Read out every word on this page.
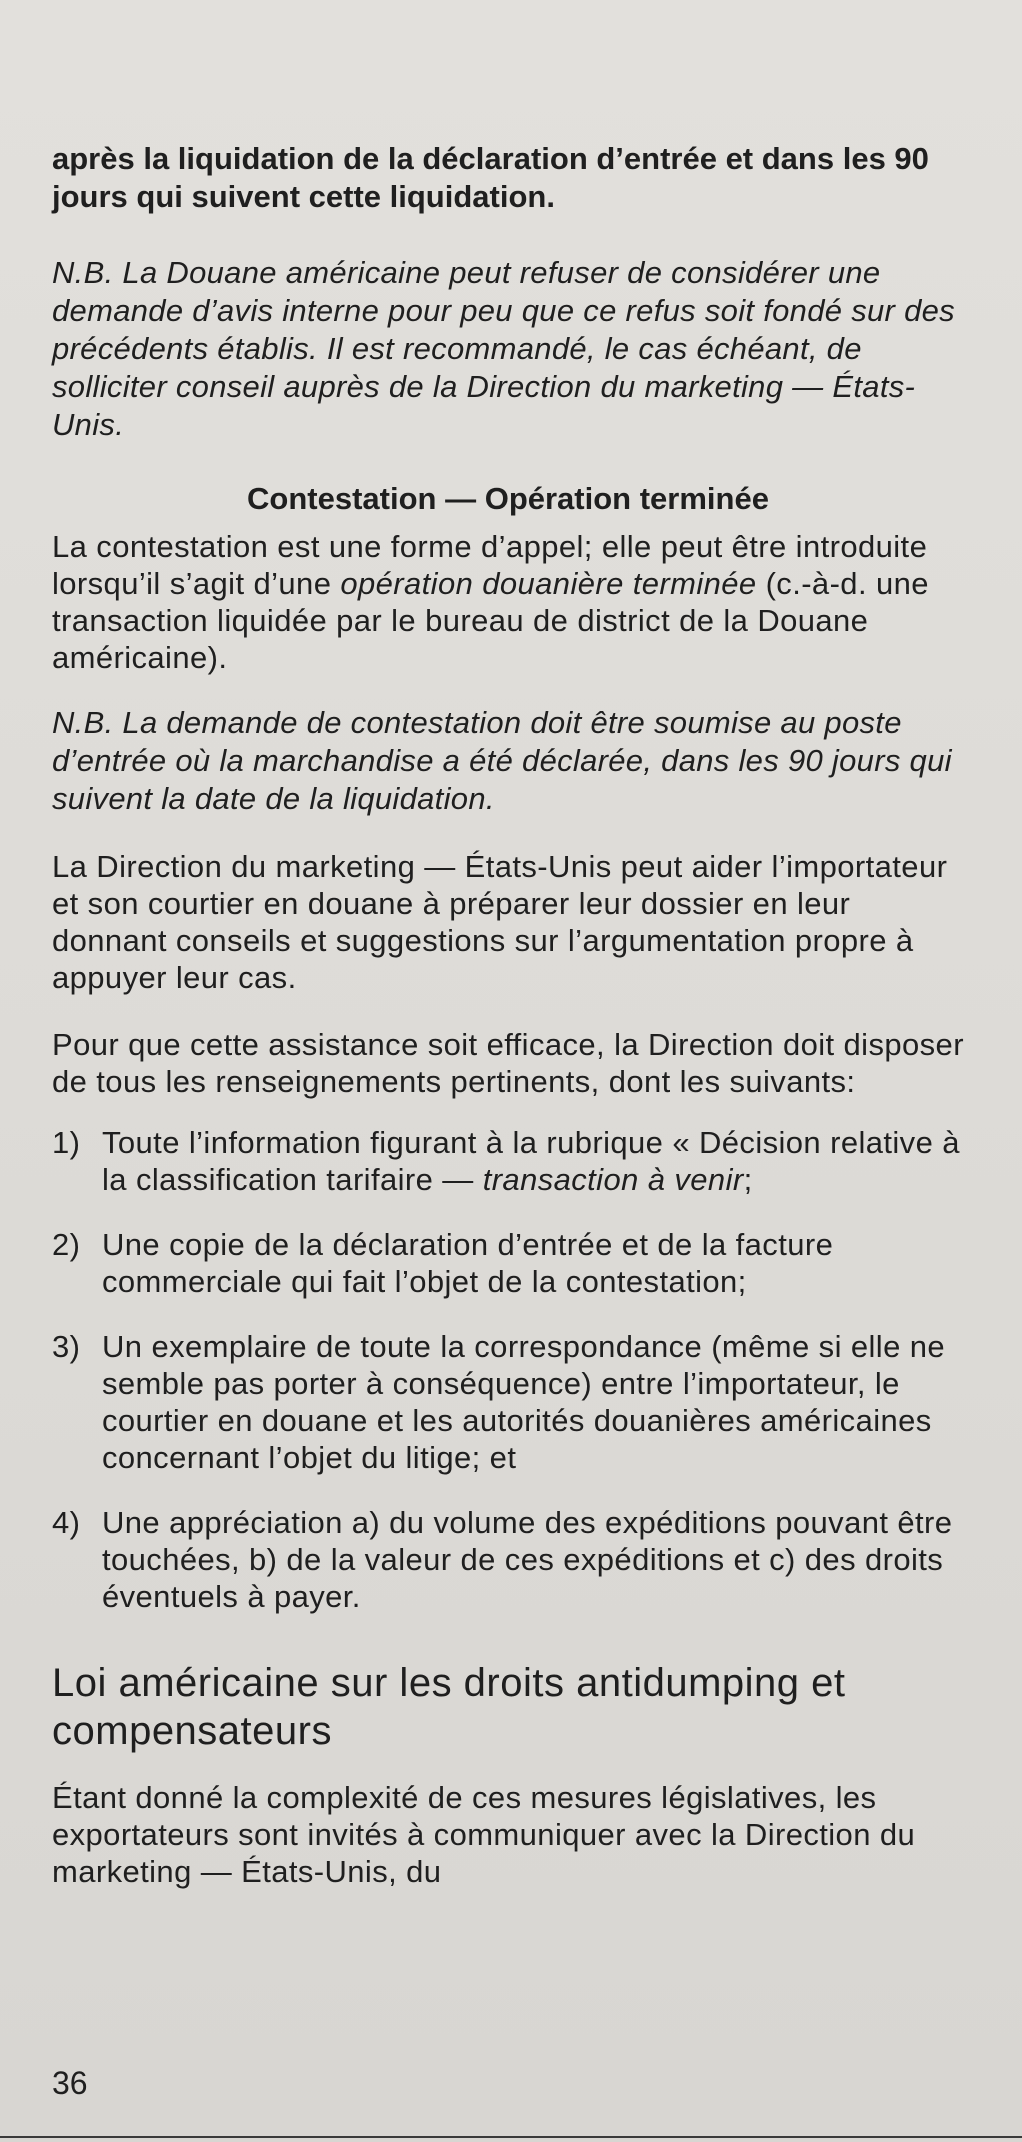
après la liquidation de la déclaration d’entrée et dans les 90 jours qui suivent cette liquidation.

N.B. La Douane américaine peut refuser de considérer une demande d’avis interne pour peu que ce refus soit fondé sur des précédents établis. Il est recommandé, le cas échéant, de solliciter conseil auprès de la Direction du marketing — États-Unis.

Contestation — Opération terminée

La contestation est une forme d’appel; elle peut être introduite lorsqu’il s’agit d’une opération douanière terminée (c.-à-d. une transaction liquidée par le bureau de district de la Douane américaine).

N.B. La demande de contestation doit être soumise au poste d’entrée où la marchandise a été déclarée, dans les 90 jours qui suivent la date de la liquidation.

La Direction du marketing — États-Unis peut aider l’importateur et son courtier en douane à préparer leur dossier en leur donnant conseils et suggestions sur l’argumentation propre à appuyer leur cas.

Pour que cette assistance soit efficace, la Direction doit disposer de tous les renseignements pertinents, dont les suivants:

1) Toute l’information figurant à la rubrique « Décision relative à la classification tarifaire — transaction à venir;
2) Une copie de la déclaration d’entrée et de la facture commerciale qui fait l’objet de la contestation;
3) Un exemplaire de toute la correspondance (même si elle ne semble pas porter à conséquence) entre l’importateur, le courtier en douane et les autorités douanières américaines concernant l’objet du litige; et
4) Une appréciation a) du volume des expéditions pouvant être touchées, b) de la valeur de ces expéditions et c) des droits éventuels à payer.
Loi américaine sur les droits antidumping et compensateurs

Étant donné la complexité de ces mesures législatives, les exportateurs sont invités à communiquer avec la Direction du marketing — États-Unis, du

36
